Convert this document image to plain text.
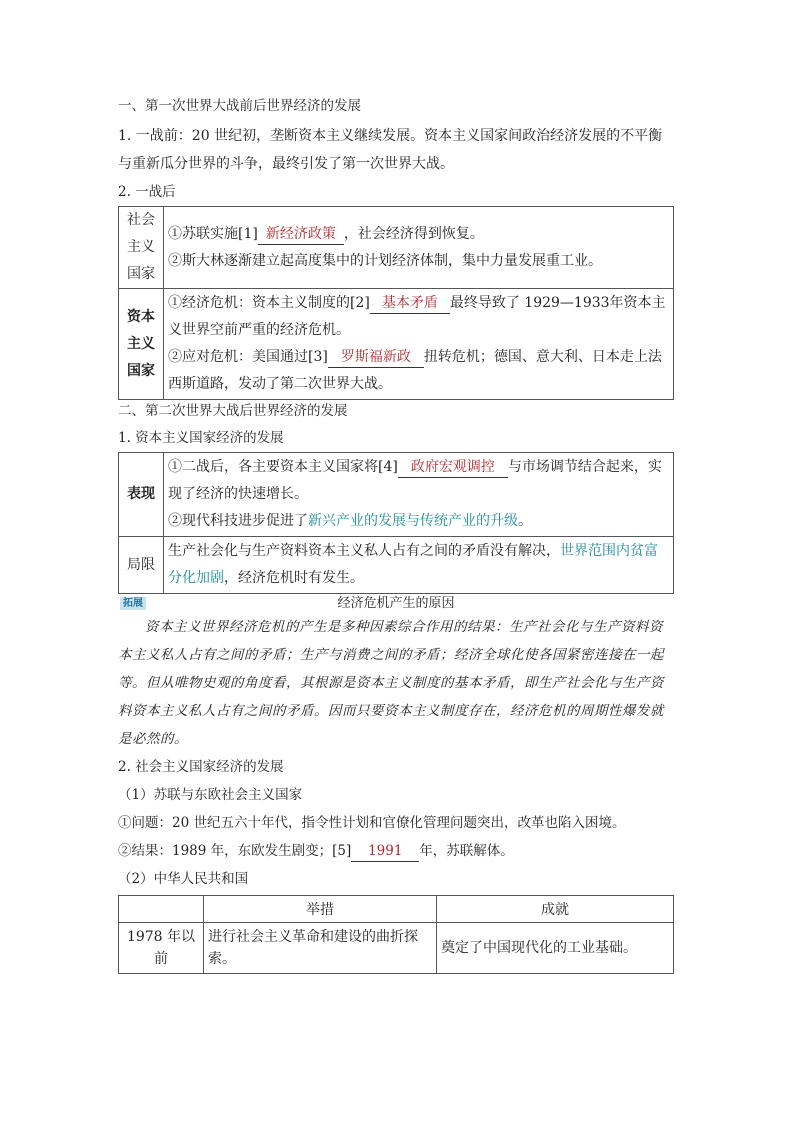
一、第一次世界大战前后世界经济的发展

1. 一战前：20 世纪初，垄断资本主义继续发展。资本主义国家间政治经济发展的不平衡与重新瓜分世界的斗争，最终引发了第一次世界大战。

2. 一战后

社会主义国家	①苏联实施[1] 新经济政策 ，社会经济得到恢复。
②斯大林逐渐建立起高度集中的计划经济体制，集中力量发展重工业。

资本主义国家	①经济危机：资本主义制度的[2] 基本矛盾 最终导致了 1929—1933年资本主义世界空前严重的经济危机。
②应对危机：美国通过[3] 罗斯福新政 扭转危机；德国、意大利、日本走上法西斯道路，发动了第二次世界大战。

二、第二次世界大战后世界经济的发展

1. 资本主义国家经济的发展

表现	①二战后，各主要资本主义国家将[4] 政府宏观调控 与市场调节结合起来，实现了经济的快速增长。
②现代科技进步促进了新兴产业的发展与传统产业的升级。

局限	生产社会化与生产资料资本主义私人占有之间的矛盾没有解决，世界范围内贫富分化加剧，经济危机时有发生。
拓展	经济危机产生的原因

资本主义世界经济危机的产生是多种因素综合作用的结果：生产社会化与生产资料资本主义私人占有之间的矛盾；生产与消费之间的矛盾；经济全球化使各国紧密连接在一起等。但从唯物史观的角度看，其根源是资本主义制度的基本矛盾，即生产社会化与生产资料资本主义私人占有之间的矛盾。因而只要资本主义制度存在，经济危机的周期性爆发就是必然的。

2. 社会主义国家经济的发展

（1）苏联与东欧社会主义国家

①问题：20 世纪五六十年代，指令性计划和官僚化管理问题突出，改革也陷入困境。

②结果：1989 年，东欧发生剧变；[5] 1991 年，苏联解体。

（2）中华人民共和国

	举措	成就
1978 年以前	进行社会主义革命和建设的曲折探索。	奠定了中国现代化的工业基础。
